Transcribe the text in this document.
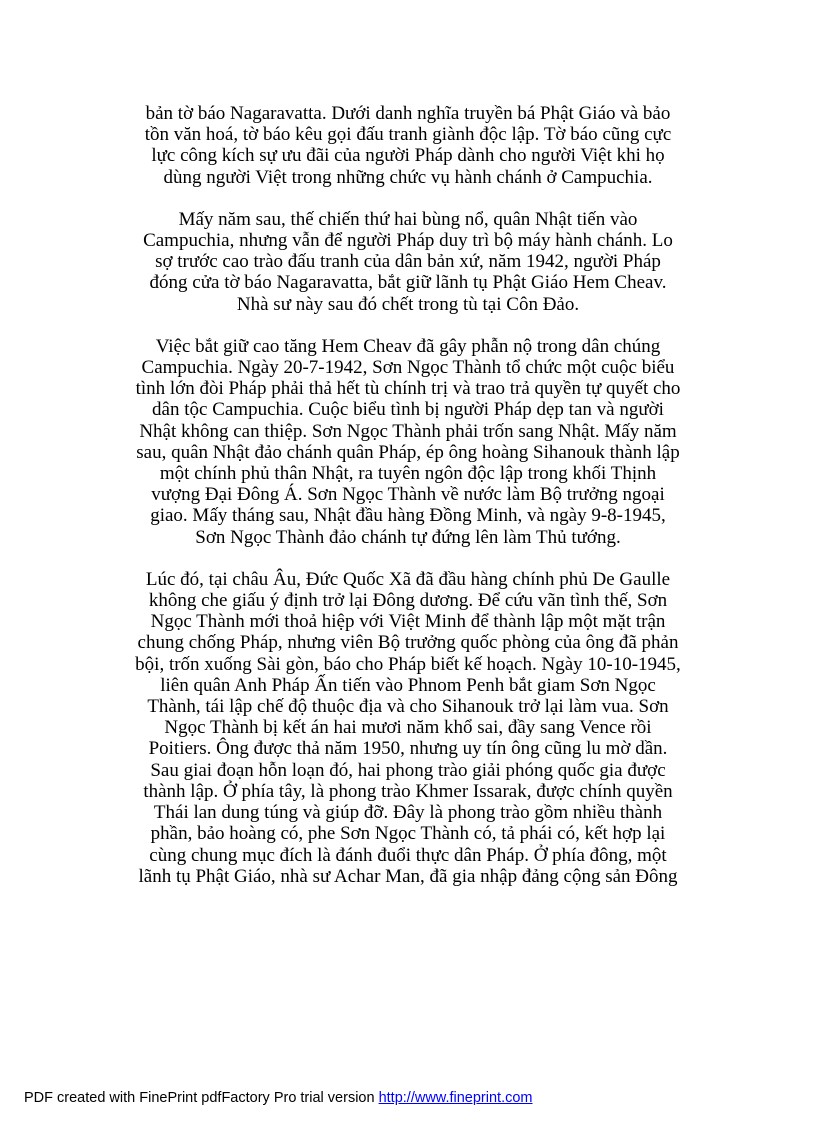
bản tờ báo Nagaravatta. Dưới danh nghĩa truyền bá Phật Giáo và bảo
tồn văn hoá, tờ báo kêu gọi đấu tranh giành độc lập. Tờ báo cũng cực
lực công kích sự ưu đãi của người Pháp dành cho người Việt khi họ
dùng người Việt trong những chức vụ hành chánh ở Campuchia.

Mấy năm sau, thế chiến thứ hai bùng nổ, quân Nhật tiến vào
Campuchia, nhưng vẫn để người Pháp duy trì bộ máy hành chánh. Lo
sợ trước cao trào đấu tranh của dân bản xứ, năm 1942, người Pháp
đóng cửa tờ báo Nagaravatta, bắt giữ lãnh tụ Phật Giáo Hem Cheav.
Nhà sư này sau đó chết trong tù tại Côn Đảo.

Việc bắt giữ cao tăng Hem Cheav đã gây phẫn nộ trong dân chúng
Campuchia. Ngày 20-7-1942, Sơn Ngọc Thành tổ chức một cuộc biểu
tình lớn đòi Pháp phải thả hết tù chính trị và trao trả quyền tự quyết cho
dân tộc Campuchia. Cuộc biểu tình bị người Pháp dẹp tan và người
Nhật không can thiệp. Sơn Ngọc Thành phải trốn sang Nhật. Mấy năm
sau, quân Nhật đảo chánh quân Pháp, ép ông hoàng Sihanouk thành lập
một chính phủ thân Nhật, ra tuyên ngôn độc lập trong khối Thịnh
vượng Đại Đông Á. Sơn Ngọc Thành về nước làm Bộ trưởng ngoại
giao. Mấy tháng sau, Nhật đầu hàng Đồng Minh, và ngày 9-8-1945,
Sơn Ngọc Thành đảo chánh tự đứng lên làm Thủ tướng.

Lúc đó, tại châu Âu, Đức Quốc Xã đã đầu hàng chính phủ De Gaulle
không che giấu ý định trở lại Đông dương. Để cứu vãn tình thế, Sơn
Ngọc Thành mới thoả hiệp với Việt Minh để thành lập một mặt trận
chung chống Pháp, nhưng viên Bộ trưởng quốc phòng của ông đã phản
bội, trốn xuống Sài gòn, báo cho Pháp biết kế hoạch. Ngày 10-10-1945,
liên quân Anh Pháp Ấn tiến vào Phnom Penh bắt giam Sơn Ngọc
Thành, tái lập chế độ thuộc địa và cho Sihanouk trở lại làm vua. Sơn
Ngọc Thành bị kết án hai mươi năm khổ sai, đầy sang Vence rồi
Poitiers. Ông được thả năm 1950, nhưng uy tín ông cũng lu mờ dần.
Sau giai đoạn hỗn loạn đó, hai phong trào giải phóng quốc gia được
thành lập. Ở phía tây, là phong trào Khmer Issarak, được chính quyền
Thái lan dung túng và giúp đỡ. Đây là phong trào gồm nhiều thành
phần, bảo hoàng có, phe Sơn Ngọc Thành có, tả phái có, kết hợp lại
cùng chung mục đích là đánh đuổi thực dân Pháp. Ở phía đông, một
lãnh tụ Phật Giáo, nhà sư Achar Man, đã gia nhập đảng cộng sản Đông

PDF created with FinePrint pdfFactory Pro trial version http://www.fineprint.com
